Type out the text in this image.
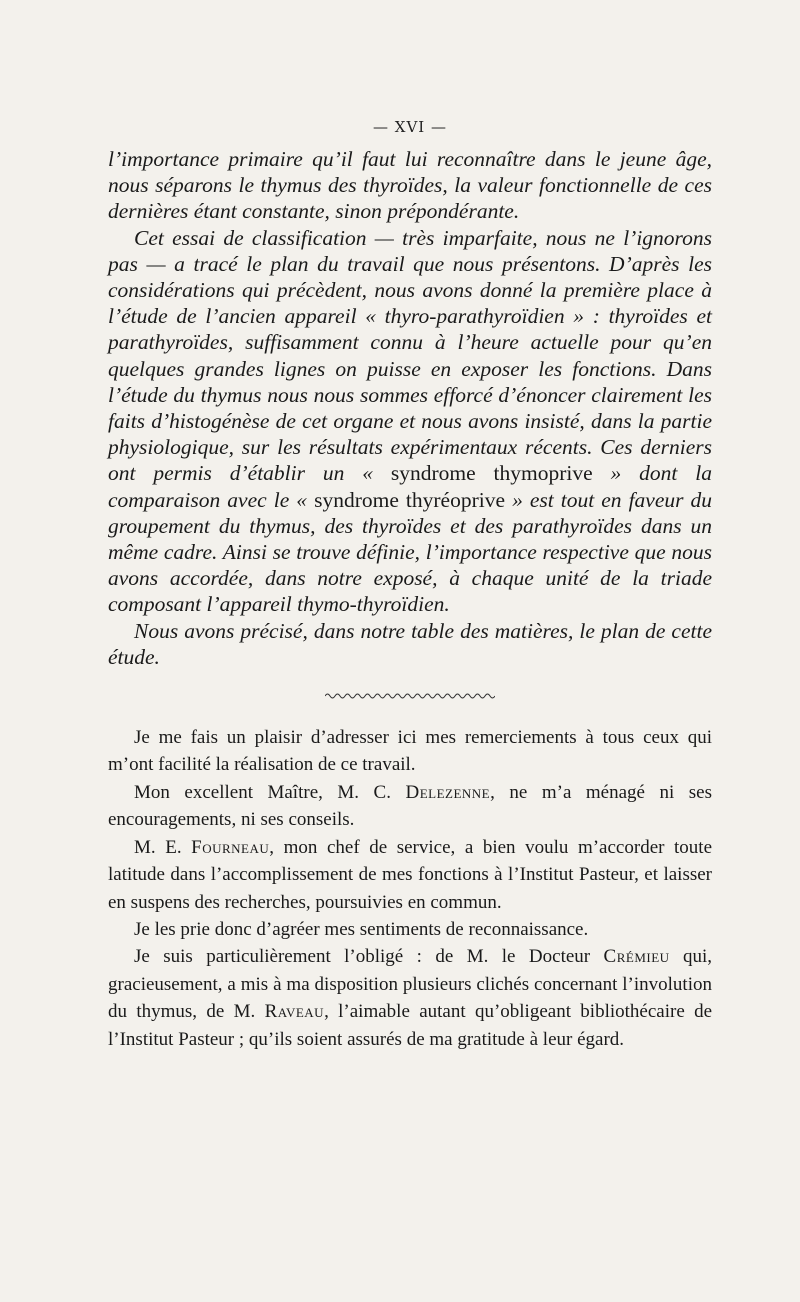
— XVI —

l’importance primaire qu’il faut lui reconnaître dans le jeune âge, nous séparons le thymus des thyroïdes, la valeur fonctionnelle de ces dernières étant constante, sinon prépondérante.

Cet essai de classification — très imparfaite, nous ne l’ignorons pas — a tracé le plan du travail que nous présentons. D’après les considérations qui précèdent, nous avons donné la première place à l’étude de l’ancien appareil « thyro-parathyroïdien » : thyroïdes et parathyroïdes, suffisamment connu à l’heure actuelle pour qu’en quelques grandes lignes on puisse en exposer les fonctions. Dans l’étude du thymus nous nous sommes efforcé d’énoncer clairement les faits d’histogénèse de cet organe et nous avons insisté, dans la partie physiologique, sur les résultats expérimentaux récents. Ces derniers ont permis d’établir un « syndrome thymoprive » dont la comparaison avec le « syndrome thyréoprive » est tout en faveur du groupement du thymus, des thyroïdes et des parathyroïdes dans un même cadre. Ainsi se trouve définie, l’importance respective que nous avons accordée, dans notre exposé, à chaque unité de la triade composant l’appareil thymo-thyroïdien.

Nous avons précisé, dans notre table des matières, le plan de cette étude.

Je me fais un plaisir d’adresser ici mes remerciements à tous ceux qui m’ont facilité la réalisation de ce travail.

Mon excellent Maître, M. C. Delezenne, ne m’a ménagé ni ses encouragements, ni ses conseils.

M. E. Fourneau, mon chef de service, a bien voulu m’accorder toute latitude dans l’accomplissement de mes fonctions à l’Institut Pasteur, et laisser en suspens des recherches, poursuivies en commun.

Je les prie donc d’agréer mes sentiments de reconnaissance.

Je suis particulièrement l’obligé : de M. le Docteur Crémieu qui, gracieusement, a mis à ma disposition plusieurs clichés concernant l’involution du thymus, de M. Raveau, l’aimable autant qu’obligeant bibliothécaire de l’Institut Pasteur ; qu’ils soient assurés de ma gratitude à leur égard.
